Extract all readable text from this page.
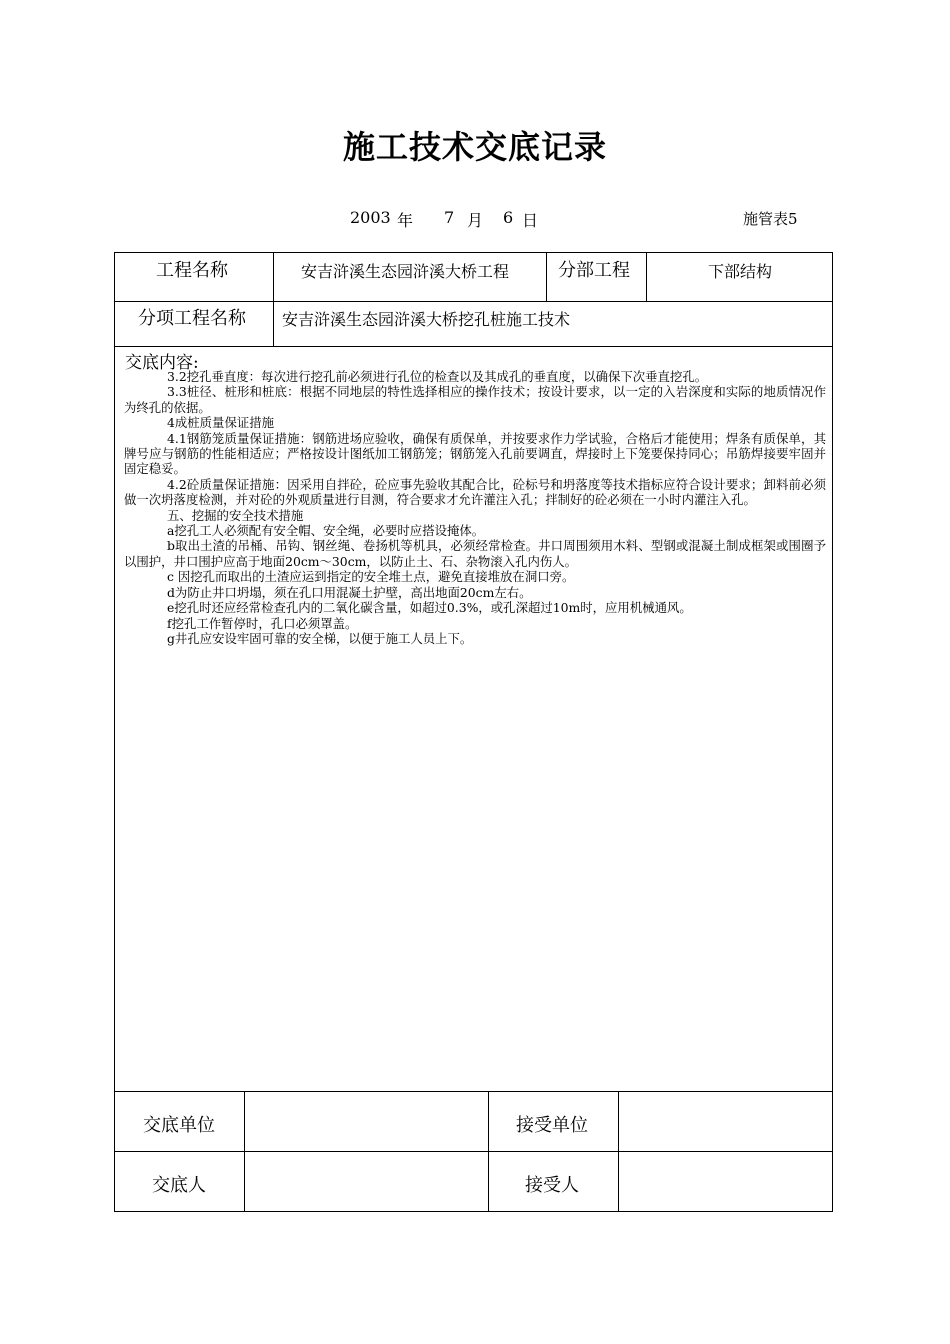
施工技术交底记录
2003 年 7 月 6 日	施管表5
工程名称	安吉浒溪生态园浒溪大桥工程	分部工程	下部结构
分项工程名称 安吉浒溪生态园浒溪大桥挖孔桩施工技术
交底内容:

3.2挖孔垂直度：每次进行挖孔前必须进行孔位的检查以及其成孔的垂直度，以确保下次垂直挖孔。

3.3桩径、桩形和桩底：根据不同地层的特性选择相应的操作技术；按设计要求，以一定的入岩深度和实际的地质情况作为终孔的依据。

4成桩质量保证措施

4.1钢筋笼质量保证措施：钢筋进场应验收，确保有质保单，并按要求作力学试验，合格后才能使用；焊条有质保单，其牌号应与钢筋的性能相适应；严格按设计图纸加工钢筋笼；钢筋笼入孔前要调直，焊接时上下笼要保持同心；吊筋焊接要牢固并固定稳妥。

4.2砼质量保证措施：因采用自拌砼，砼应事先验收其配合比，砼标号和坍落度等技术指标应符合设计要求；卸料前必须做一次坍落度检测，并对砼的外观质量进行目测，符合要求才允许灌注入孔；拌制好的砼必须在一小时内灌注入孔。

五、挖掘的安全技术措施

a挖孔工人必须配有安全帽、安全绳，必要时应搭设掩体。

b取出土渣的吊桶、吊钩、钢丝绳、卷扬机等机具，必须经常检查。井口周围须用木料、型钢或混凝土制成框架或围圈予以围护，井口围护应高于地面20cm～30cm，以防止土、石、杂物滚入孔内伤人。

c 因挖孔而取出的土渣应运到指定的安全堆土点，避免直接堆放在洞口旁。

d为防止井口坍塌，须在孔口用混凝土护壁，高出地面20cm左右。

e挖孔时还应经常检查孔内的二氧化碳含量，如超过0.3%，或孔深超过10m时，应用机械通风。

f挖孔工作暂停时，孔口必须罩盖。

g井孔应安设牢固可靠的安全梯，以便于施工人员上下。

交底单位	接受单位
交底人	接受人
